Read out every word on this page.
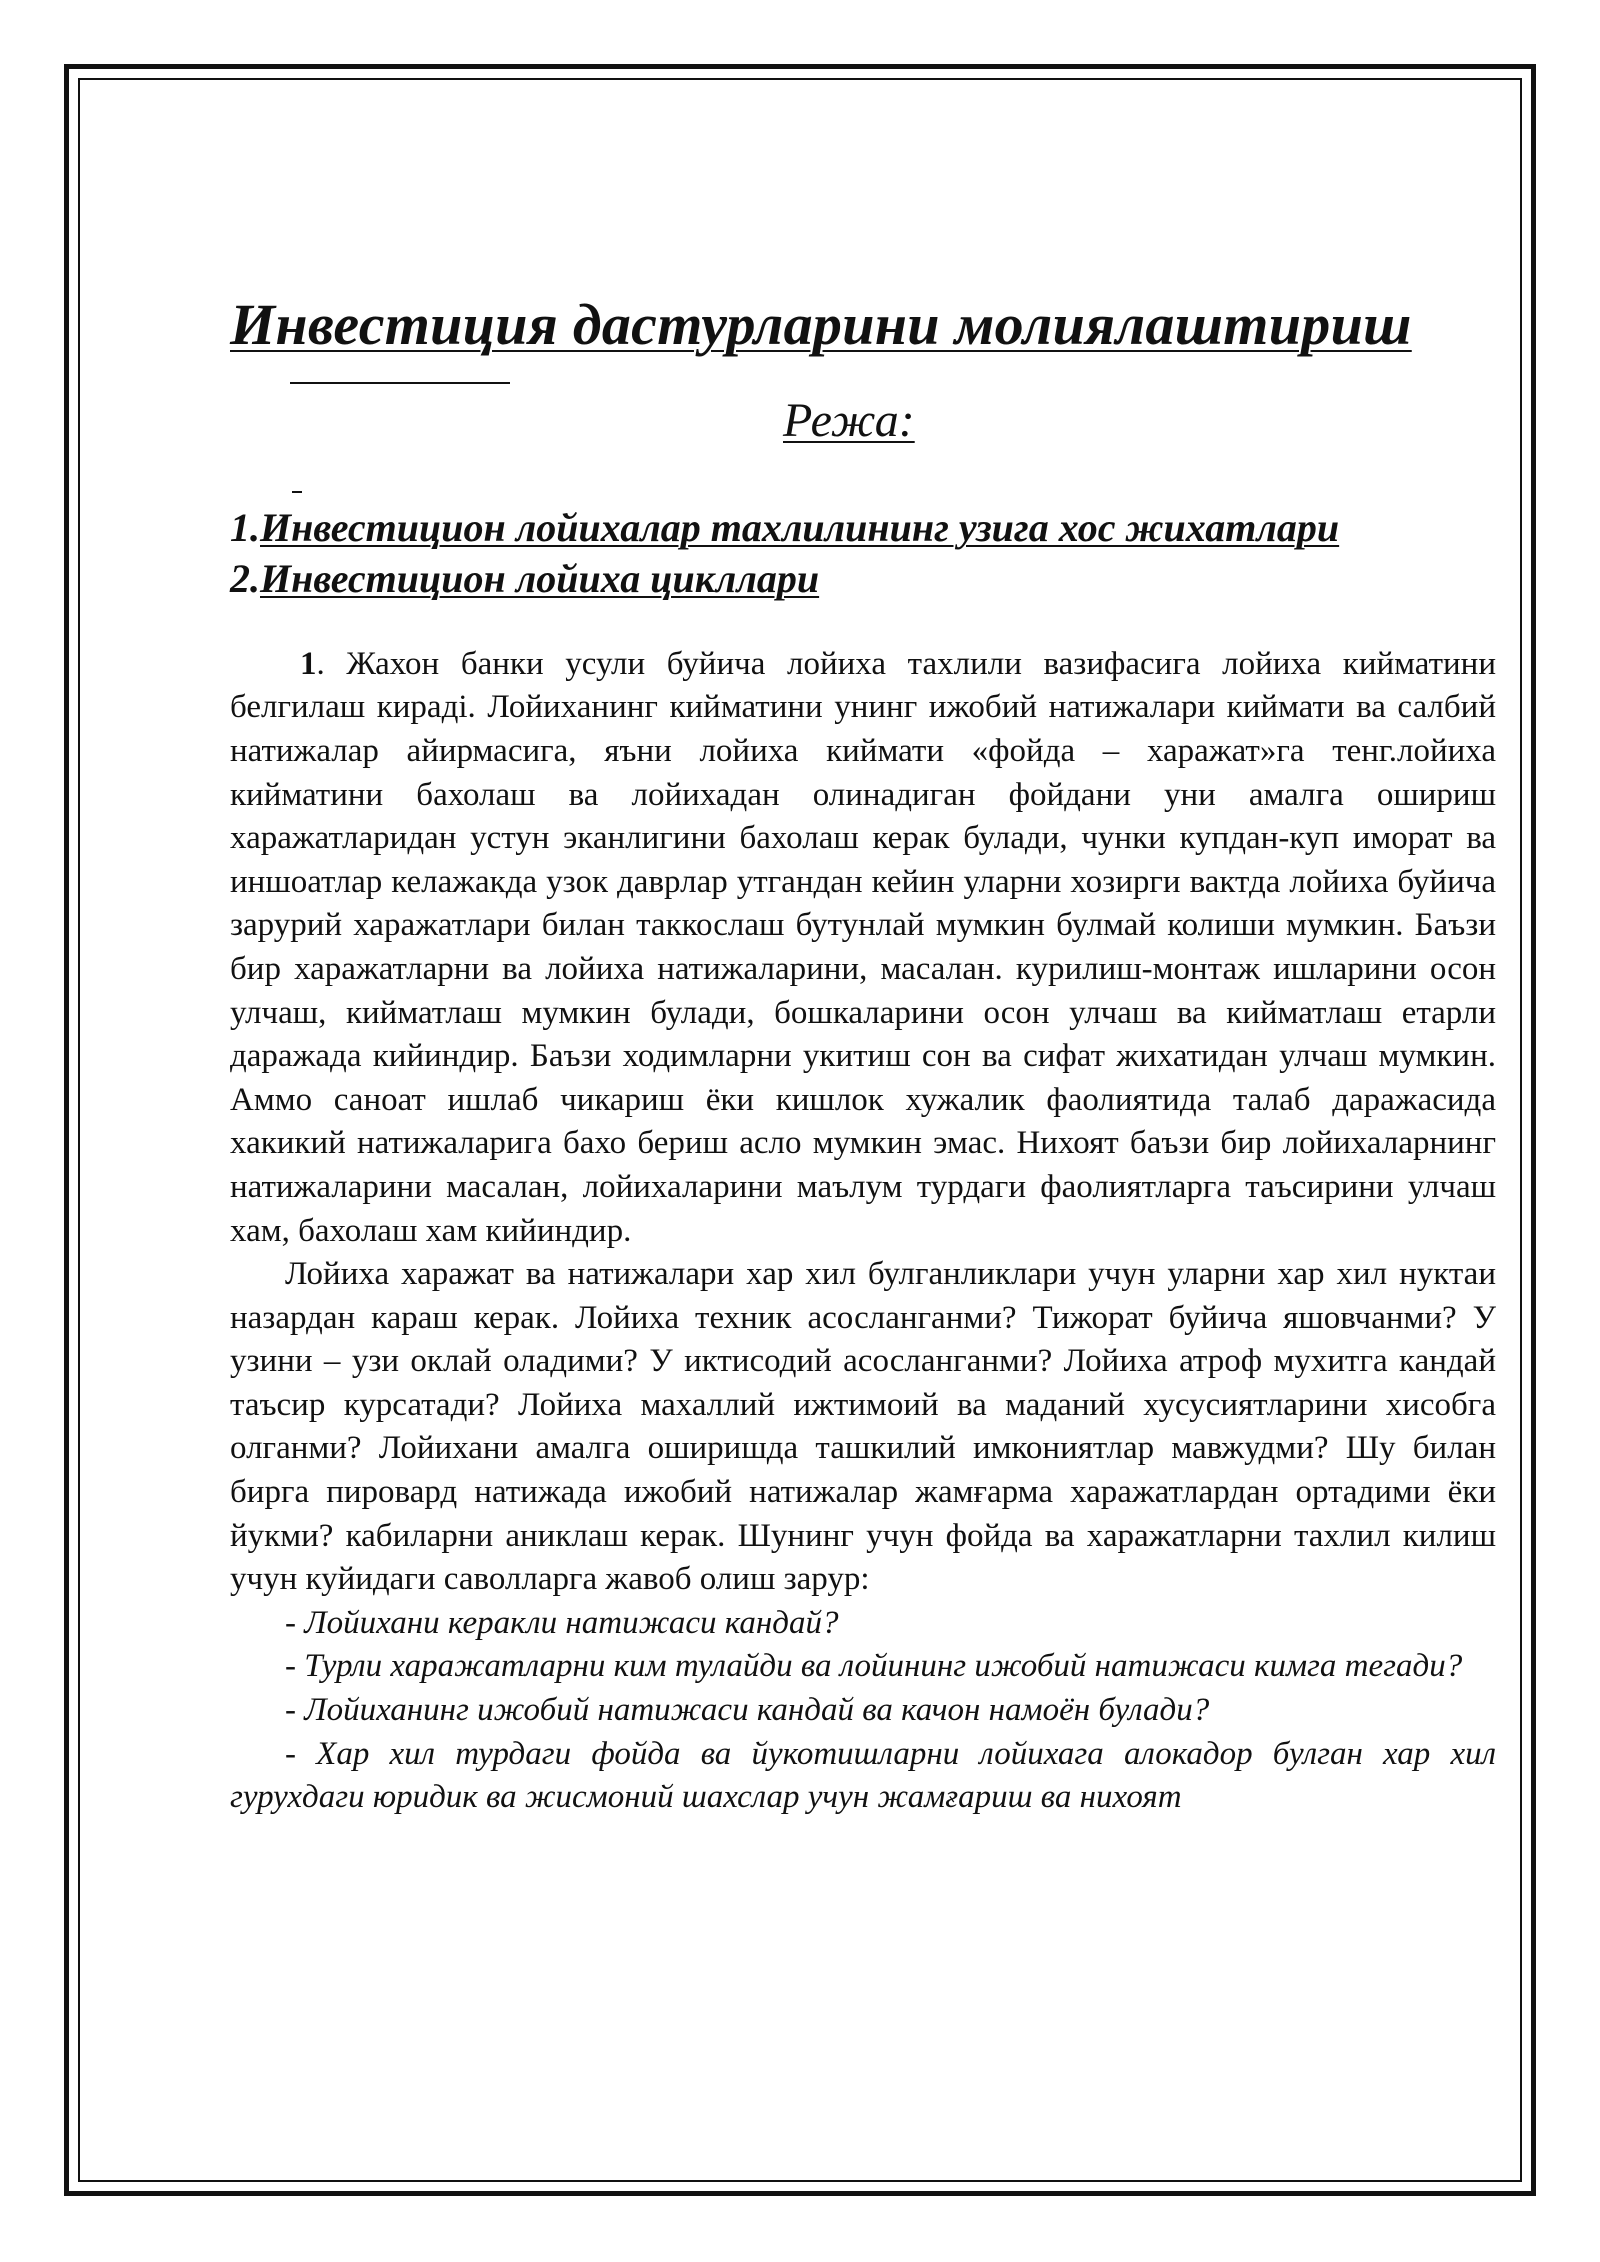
Инвестиция дастурларини молиялаштириш
Режа:
1.Инвестицион лойихалар тахлилининг узига хос жихатлари
2.Инвестицион лойиха цикллари

1. Жахон банки усули буйича лойиха тахлили вазифасига лойиха кийматини белгилаш кирадi. Лойиханинг кийматини унинг ижобий натижалари киймати ва салбий натижалар айирмасига, яъни лойиха киймати «фойда – харажат»га тенг.лойиха кийматини бахолаш ва лойихадан олинадиган фойдани уни амалга ошириш харажатларидан устун эканлигини бахолаш керак булади, чунки купдан-куп иморат ва иншоатлар келажакда узок даврлар утгандан кейин уларни хозирги вактда лойиха буйича зарурий харажатлари билан таккослаш бутунлай мумкин булмай колиши мумкин. Баъзи бир харажатларни ва лойиха натижаларини, масалан. курилиш-монтаж ишларини осон улчаш, кийматлаш мумкин булади, бошкаларини осон улчаш ва кийматлаш етарли даражада кийиндир. Баъзи ходимларни укитиш сон ва сифат жихатидан улчаш мумкин. Аммо саноат ишлаб чикариш ёки кишлок хужалик фаолиятида талаб даражасида хакикий натижаларига бахо бериш асло мумкин эмас. Нихоят баъзи бир лойихаларнинг натижаларини масалан, лойихаларини маълум турдаги фаолиятларга таъсирини улчаш хам, бахолаш хам кийиндир.

Лойиха харажат ва натижалари хар хил булганликлари учун уларни хар хил нуктаи назардан караш керак. Лойиха техник асосланганми? Тижорат буйича яшовчанми? У узини – узи оклай оладими? У иктисодий асосланганми? Лойиха атроф мухитга кандай таъсир курсатади? Лойиха махаллий ижтимоий ва маданий хусусиятларини хисобга олганми? Лойихани амалга оширишда ташкилий имкониятлар мавжудми? Шу билан бирга пировард натижада ижобий натижалар жамғарма харажатлардан ортадими ёки йукми? кабиларни аниклаш керак. Шунинг учун фойда ва харажатларни тахлил килиш учун куйидаги саволларга жавоб олиш зарур:

- Лойихани керакли натижаси кандай?

- Турли харажатларни ким тулайди ва лойининг ижобий натижаси кимга тегади?

- Лойиханинг ижобий натижаси кандай ва качон намоён булади?

- Хар хил турдаги фойда ва йукотишларни лойихага алокадор булган хар хил гурухдаги юридик ва жисмоний шахслар учун жамғариш ва нихоят
